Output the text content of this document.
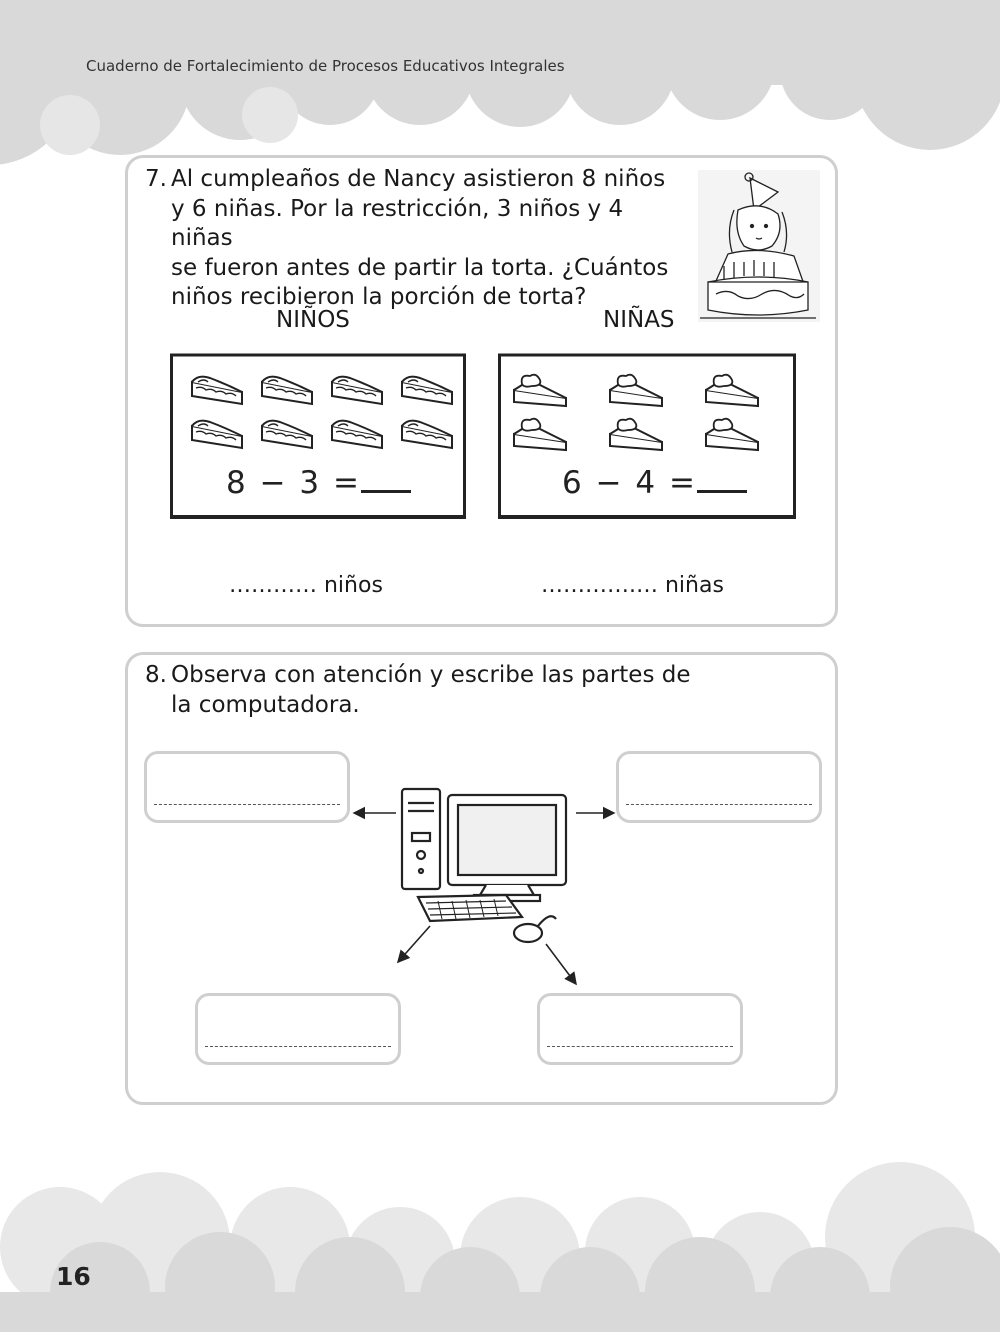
Cuaderno de Fortalecimiento de Procesos Educativos Integrales
16
7. Al cumpleaños de Nancy asistieron 8 niños
y 6 niñas. Por la restricción, 3 niños y 4 niñas
se fueron antes de partir la torta. ¿Cuántos
niños recibieron la porción de torta?
NIÑOS	NIÑAS
8 − 3 =	6 − 4 =
………… niños	………….… niñas
8. Observa con atención y escribe las partes de
la computadora.
